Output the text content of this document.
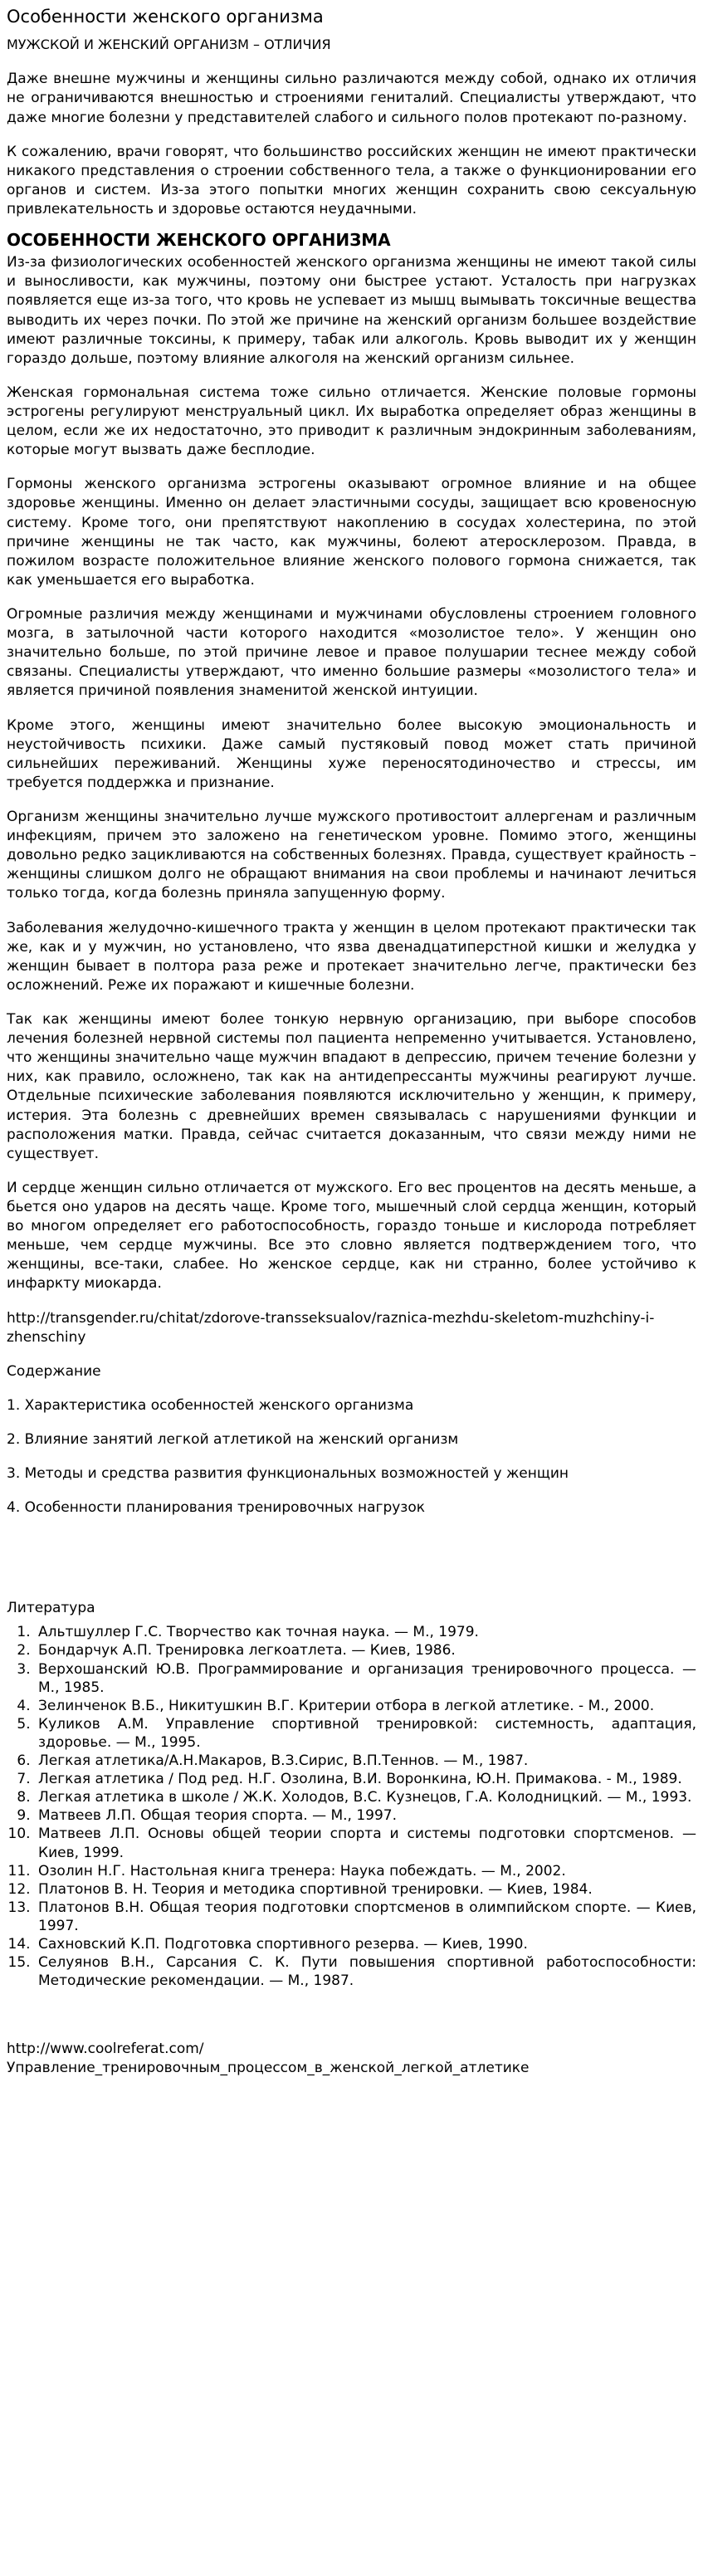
Особенности женского организма
МУЖСКОЙ И ЖЕНСКИЙ ОРГАНИЗМ – ОТЛИЧИЯ

Даже внешне мужчины и женщины сильно различаются между собой, однако их отличия не ограничиваются внешностью и строениями гениталий. Специалисты утверждают, что даже многие болезни у представителей слабого и сильного полов протекают по-разному.

К сожалению, врачи говорят, что большинство российских женщин не имеют практически никакого представления о строении собственного тела, а также о функционировании его органов и систем. Из-за этого попытки многих женщин сохранить свою сексуальную привлекательность и здоровье остаются неудачными.

ОСОБЕННОСТИ ЖЕНСКОГО ОРГАНИЗМА

Из-за физиологических особенностей женского организма женщины не имеют такой силы и выносливости, как мужчины, поэтому они быстрее устают. Усталость при нагрузках появляется еще из-за того, что кровь не успевает из мышц вымывать токсичные вещества выводить их через почки. По этой же причине на женский организм большее воздействие имеют различные токсины, к примеру, табак или алкоголь. Кровь выводит их у женщин гораздо дольше, поэтому влияние алкоголя на женский организм сильнее.

Женская гормональная система тоже сильно отличается. Женские половые гормоны эстрогены регулируют менструальный цикл. Их выработка определяет образ женщины в целом, если же их недостаточно, это приводит к различным эндокринным заболеваниям, которые могут вызвать даже бесплодие.

Гормоны женского организма эстрогены оказывают огромное влияние и на общее здоровье женщины. Именно он делает эластичными сосуды, защищает всю кровеносную систему. Кроме того, они препятствуют накоплению в сосудах холестерина, по этой причине женщины не так часто, как мужчины, болеют атеросклерозом. Правда, в пожилом возрасте положительное влияние женского полового гормона снижается, так как уменьшается его выработка.

Огромные различия между женщинами и мужчинами обусловлены строением головного мозга, в затылочной части которого находится «мозолистое тело». У женщин оно значительно больше, по этой причине левое и правое полушарии теснее между собой связаны. Специалисты утверждают, что именно большие размеры «мозолистого тела» и является причиной появления знаменитой женской интуиции.

Кроме этого, женщины имеют значительно более высокую эмоциональность и неустойчивость психики. Даже самый пустяковый повод может стать причиной сильнейших переживаний. Женщины хуже переносятодиночество и стрессы, им требуется поддержка и признание.

Организм женщины значительно лучше мужского противостоит аллергенам и различным инфекциям, причем это заложено на генетическом уровне. Помимо этого, женщины довольно редко зацикливаются на собственных болезнях. Правда, существует крайность – женщины слишком долго не обращают внимания на свои проблемы и начинают лечиться только тогда, когда болезнь приняла запущенную форму.

Заболевания желудочно-кишечного тракта у женщин в целом протекают практически так же, как и у мужчин, но установлено, что язва двенадцатиперстной кишки и желудка у женщин бывает в полтора раза реже и протекает значительно легче, практически без осложнений. Реже их поражают и кишечные болезни.

Так как женщины имеют более тонкую нервную организацию, при выборе способов лечения болезней нервной системы пол пациента непременно учитывается. Установлено, что женщины значительно чаще мужчин впадают в депрессию, причем течение болезни у них, как правило, осложнено, так как на антидепрессанты мужчины реагируют лучше. Отдельные психические заболевания появляются исключительно у женщин, к примеру, истерия. Эта болезнь с древнейших времен связывалась с нарушениями функции и расположения матки. Правда, сейчас считается доказанным, что связи между ними не существует.

И сердце женщин сильно отличается от мужского. Его вес процентов на десять меньше, а бьется оно ударов на десять чаще. Кроме того, мышечный слой сердца женщин, который во многом определяет его работоспособность, гораздо тоньше и кислорода потребляет меньше, чем сердце мужчины. Все это словно является подтверждением того, что женщины, все-таки, слабее. Но женское сердце, как ни странно, более устойчиво к инфаркту миокарда.

http://transgender.ru/chitat/zdorove-transseksualov/raznica-mezhdu-skeletom-muzhchiny-i-zhenschiny
Содержание
1. Характеристика особенностей женского организма
2. Влияние занятий легкой атлетикой на женский организм
3. Методы и средства развития функциональных возможностей у женщин
4. Особенности планирования тренировочных нагрузок
Литература
1. Альтшуллер Г.С. Творчество как точная наука. — М., 1979.
2. Бондарчук А.П. Тренировка легкоатлета. — Киев, 1986.
3. Верхошанский Ю.В. Программирование и организация тренировочного процесса. — М., 1985.
4. Зелинченок В.Б., Никитушкин В.Г. Критерии отбора в легкой атлетике. - М., 2000.
5. Куликов А.М. Управление спортивной тренировкой: системность, адаптация, здоровье. — М., 1995.
6. Легкая атлетика/А.Н.Макаров, В.З.Сирис, В.П.Теннов. — М., 1987.
7. Легкая атлетика / Под ред. Н.Г. Озолина, В.И. Воронкина, Ю.Н. Примакова. - М., 1989.
8. Легкая атлетика в школе / Ж.К. Холодов, В.С. Кузнецов, Г.А. Колодницкий. — М., 1993.
9. Матвеев Л.П. Общая теория спорта. — М., 1997.
10. Матвеев Л.П. Основы общей теории спорта и системы подготовки спортсменов. — Киев, 1999.
11. Озолин Н.Г. Настольная книга тренера: Наука побеждать. — М., 2002.
12. Платонов В. Н. Теория и методика спортивной тренировки. — Киев, 1984.
13. Платонов В.Н. Общая теория подготовки спортсменов в олимпийском спорте. — Киев, 1997.
14. Сахновский К.П. Подготовка спортивного резерва. — Киев, 1990.
15. Селуянов В.Н., Сарсания С. К. Пути повышения спортивной работоспособности: Методические рекомендации. — М., 1987.
http://www.coolreferat.com/Управление_тренировочным_процессом_в_женской_легкой_атлетике
